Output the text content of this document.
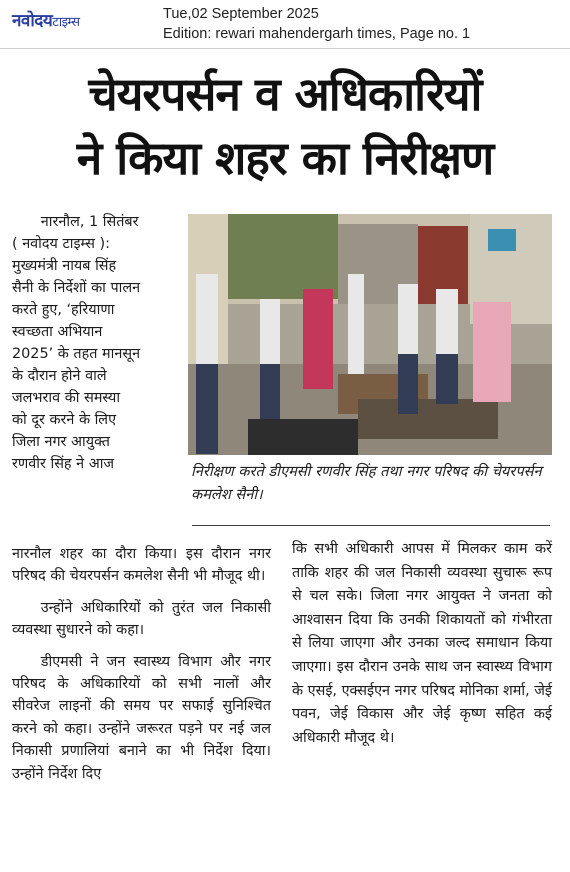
नवोदयटाइम्स
Tue,02 September 2025
Edition: rewari mahendergarh times, Page no. 1
चेयरपर्सन व अधिकारियों
ने किया शहर का निरीक्षण
नारनौल, 1 सितंबर
( नवोदय टाइम्स ):
मुख्यमंत्री नायब सिंह
सैनी के निर्देशों का पालन
करते हुए, ‘हरियाणा
स्वच्छता अभियान
2025’ के तहत मानसून
के दौरान होने वाले
जलभराव की समस्या
को दूर करने के लिए
जिला नगर आयुक्त
रणवीर सिंह ने आज	निरीक्षण करते डीएमसी रणवीर सिंह तथा नगर परिषद की चेयरपर्सन कमलेश सैनी।

नारनौल शहर का दौरा किया। इस दौरान नगर परिषद की चेयरपर्सन कमलेश सैनी भी मौजूद थी।

उन्होंने अधिकारियों को तुरंत जल निकासी व्यवस्था सुधारने को कहा।

डीएमसी ने जन स्वास्थ्य विभाग और नगर परिषद के अधिकारियों को सभी नालों और सीवरेज लाइनों की समय पर सफाई सुनिश्चित करने को कहा। उन्होंने जरूरत पड़ने पर नई जल निकासी प्रणालियां बनाने का भी निर्देश दिया। उन्होंने निर्देश दिए

कि सभी अधिकारी आपस में मिलकर काम करें ताकि शहर की जल निकासी व्यवस्था सुचारू रूप से चल सके। जिला नगर आयुक्त ने जनता को आश्वासन दिया कि उनकी शिकायतों को गंभीरता से लिया जाएगा और उनका जल्द समाधान किया जाएगा। इस दौरान उनके साथ जन स्वास्थ्य विभाग के एसई, एक्सईएन नगर परिषद मोनिका शर्मा, जेई पवन, जेई विकास और जेई कृष्ण सहित कई अधिकारी मौजूद थे।
